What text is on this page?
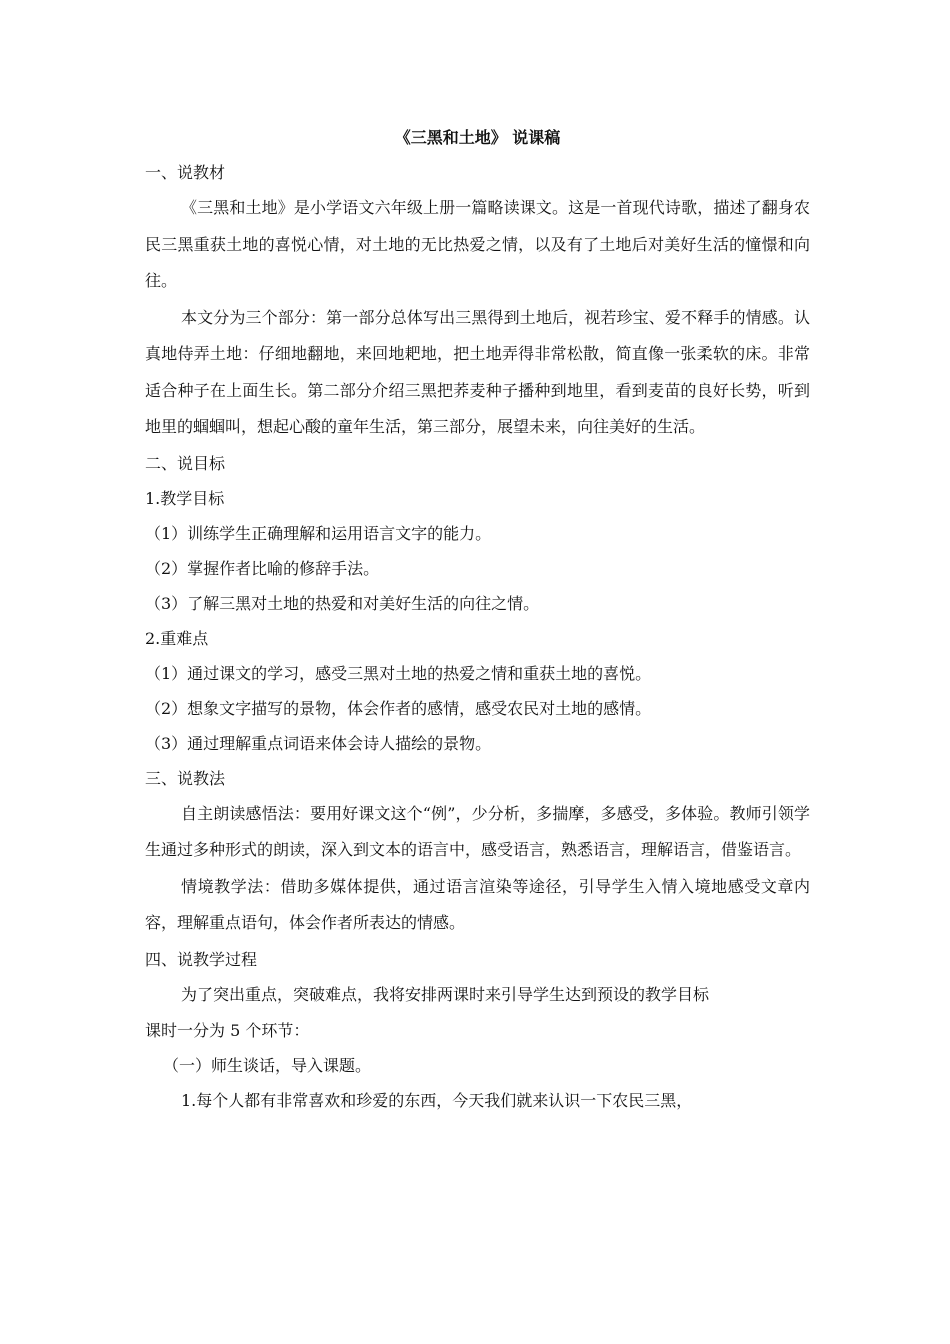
《三黑和土地》 说课稿

一、说教材

《三黑和土地》是小学语文六年级上册一篇略读课文。这是一首现代诗歌，描述了翻身农民三黑重获土地的喜悦心情，对土地的无比热爱之情，以及有了土地后对美好生活的憧憬和向往。

本文分为三个部分：第一部分总体写出三黑得到土地后，视若珍宝、爱不释手的情感。认真地侍弄土地：仔细地翻地，来回地耙地，把土地弄得非常松散，简直像一张柔软的床。非常适合种子在上面生长。第二部分介绍三黑把荞麦种子播种到地里，看到麦苗的良好长势，听到地里的蝈蝈叫，想起心酸的童年生活，第三部分，展望未来，向往美好的生活。

二、说目标

1.教学目标

（1）训练学生正确理解和运用语言文字的能力。

（2）掌握作者比喻的修辞手法。

（3）了解三黑对土地的热爱和对美好生活的向往之情。

2.重难点

（1）通过课文的学习，感受三黑对土地的热爱之情和重获土地的喜悦。

（2）想象文字描写的景物，体会作者的感情，感受农民对土地的感情。

（3）通过理解重点词语来体会诗人描绘的景物。

三、说教法

自主朗读感悟法：要用好课文这个“例”，少分析，多揣摩，多感受，多体验。教师引领学生通过多种形式的朗读，深入到文本的语言中，感受语言，熟悉语言，理解语言，借鉴语言。

情境教学法：借助多媒体提供，通过语言渲染等途径，引导学生入情入境地感受文章内容，理解重点语句，体会作者所表达的情感。

四、说教学过程

为了突出重点，突破难点，我将安排两课时来引导学生达到预设的教学目标

课时一分为 5 个环节：

（一）师生谈话，导入课题。

1.每个人都有非常喜欢和珍爱的东西，今天我们就来认识一下农民三黑，
